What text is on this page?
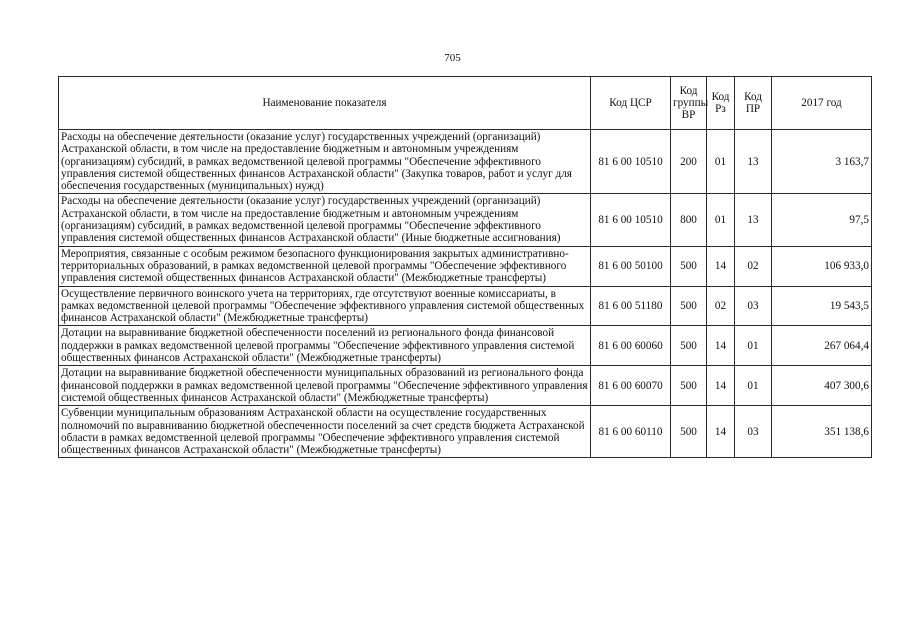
705
Наименование показателя	Код ЦСР	Код группы ВР	Код Рз	Код ПР	2017 год
Расходы на обеспечение деятельности (оказание услуг) государственных учреждений (организаций) Астраханской области, в том числе на предоставление бюджетным и автономным учреждениям (организациям) субсидий, в рамках ведомственной целевой программы "Обеспечение эффективного управления системой общественных финансов Астраханской области" (Закупка товаров, работ и услуг для обеспечения государственных (муниципальных) нужд)	81 6 00 10510	200	01	13	3 163,7
Расходы на обеспечение деятельности (оказание услуг) государственных учреждений (организаций) Астраханской области, в том числе на предоставление бюджетным и автономным учреждениям (организациям) субсидий, в рамках ведомственной целевой программы "Обеспечение эффективного управления системой общественных финансов Астраханской области" (Иные бюджетные ассигнования)	81 6 00 10510	800	01	13	97,5
Мероприятия, связанные с особым режимом безопасного функционирования закрытых административно-территориальных образований, в рамках ведомственной целевой программы "Обеспечение эффективного управления системой общественных финансов Астраханской области" (Межбюджетные трансферты)	81 6 00 50100	500	14	02	106 933,0
Осуществление первичного воинского учета на территориях, где отсутствуют военные комиссариаты, в рамках ведомственной целевой программы "Обеспечение эффективного управления системой общественных финансов Астраханской области" (Межбюджетные трансферты)	81 6 00 51180	500	02	03	19 543,5
Дотации на выравнивание бюджетной обеспеченности поселений из регионального фонда финансовой поддержки в рамках ведомственной целевой программы "Обеспечение эффективного управления системой общественных финансов Астраханской области" (Межбюджетные трансферты)	81 6 00 60060	500	14	01	267 064,4
Дотации на выравнивание бюджетной обеспеченности муниципальных образований из регионального фонда финансовой поддержки в рамках ведомственной целевой программы "Обеспечение эффективного управления системой общественных финансов Астраханской области" (Межбюджетные трансферты)	81 6 00 60070	500	14	01	407 300,6
Субвенции муниципальным образованиям Астраханской области на осуществление государственных полномочий по выравниванию бюджетной обеспеченности поселений за счет средств бюджета Астраханской области в рамках ведомственной целевой программы "Обеспечение эффективного управления системой общественных финансов Астраханской области" (Межбюджетные трансферты)	81 6 00 60110	500	14	03	351 138,6
